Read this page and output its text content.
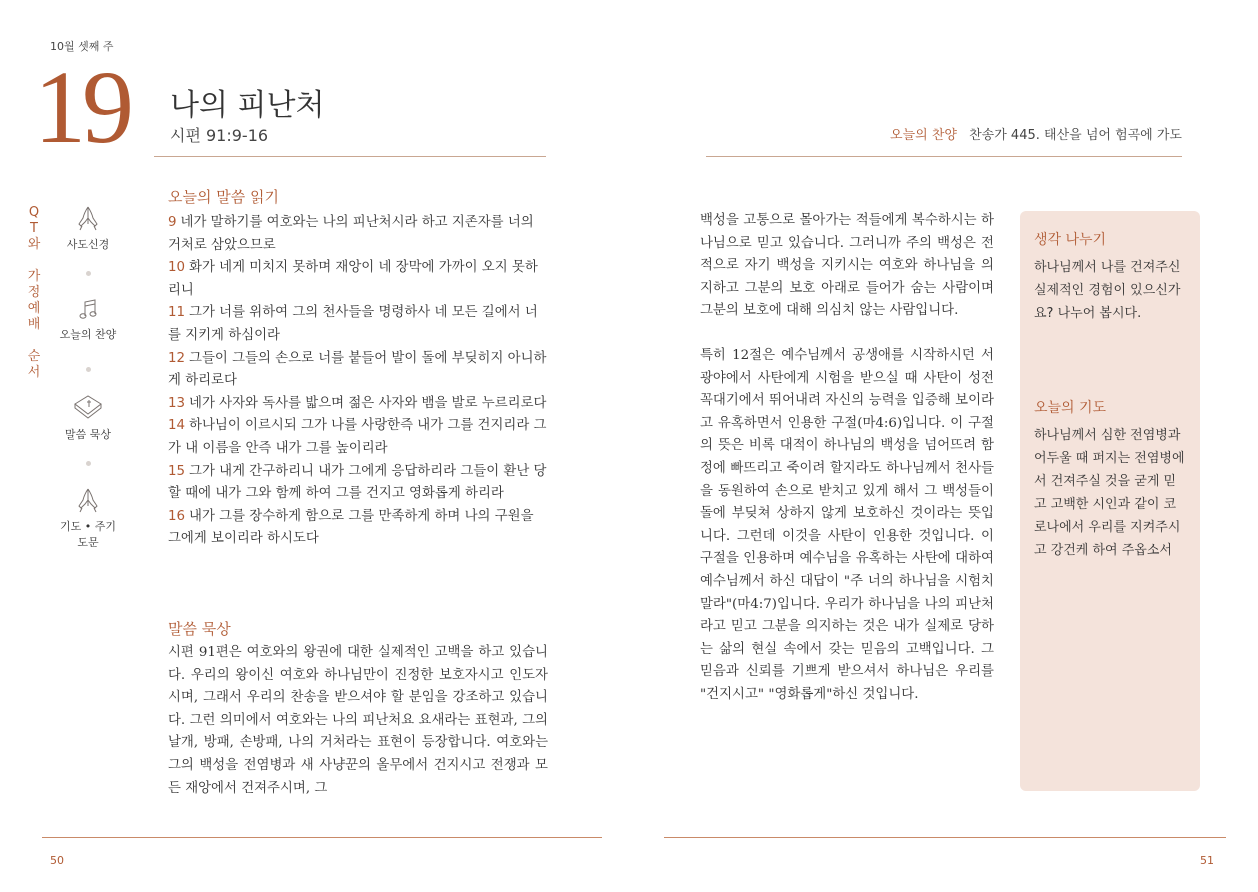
10월 셋째 주
19 나의 피난처
시편 91:9-16	오늘의 찬양 찬송가 445. 태산을 넘어 험곡에 가도
Q
T
와

가
정
예
배

순
서
사도신경
오늘의 찬양
말씀 묵상
기도 • 주기도문
오늘의 말씀 읽기

9 네가 말하기를 여호와는 나의 피난처시라 하고 지존자를 너의 거처로 삼았으므로

10 화가 네게 미치지 못하며 재앙이 네 장막에 가까이 오지 못하리니

11 그가 너를 위하여 그의 천사들을 명령하사 네 모든 길에서 너를 지키게 하심이라

12 그들이 그들의 손으로 너를 붙들어 발이 돌에 부딪히지 아니하게 하리로다

13 네가 사자와 독사를 밟으며 젊은 사자와 뱀을 발로 누르리로다

14 하나님이 이르시되 그가 나를 사랑한즉 내가 그를 건지리라 그가 내 이름을 안즉 내가 그를 높이리라

15 그가 내게 간구하리니 내가 그에게 응답하리라 그들이 환난 당할 때에 내가 그와 함께 하여 그를 건지고 영화롭게 하리라

16 내가 그를 장수하게 함으로 그를 만족하게 하며 나의 구원을 그에게 보이리라 하시도다

말씀 묵상
시편 91편은 여호와의 왕권에 대한 실제적인 고백을 하고 있습니다. 우리의 왕이신 여호와 하나님만이 진정한 보호자시고 인도자시며, 그래서 우리의 찬송을 받으셔야 할 분임을 강조하고 있습니다. 그런 의미에서 여호와는 나의 피난처요 요새라는 표현과, 그의 날개, 방패, 손방패, 나의 거처라는 표현이 등장합니다. 여호와는 그의 백성을 전염병과 새 사냥꾼의 올무에서 건지시고 전쟁과 모든 재앙에서 건져주시며, 그

백성을 고통으로 몰아가는 적들에게 복수하시는 하나님으로 믿고 있습니다. 그러니까 주의 백성은 전적으로 자기 백성을 지키시는 여호와 하나님을 의지하고 그분의 보호 아래로 들어가 숨는 사람이며 그분의 보호에 대해 의심치 않는 사람입니다.

특히 12절은 예수님께서 공생애를 시작하시던 서 광야에서 사탄에게 시험을 받으실 때 사탄이 성전 꼭대기에서 뛰어내려 자신의 능력을 입증해 보이라고 유혹하면서 인용한 구절(마4:6)입니다. 이 구절의 뜻은 비록 대적이 하나님의 백성을 넘어뜨려 함정에 빠뜨리고 죽이려 할지라도 하나님께서 천사들을 동원하여 손으로 받치고 있게 해서 그 백성들이 돌에 부딪쳐 상하지 않게 보호하신 것이라는 뜻입니다. 그런데 이것을 사탄이 인용한 것입니다. 이 구절을 인용하며 예수님을 유혹하는 사탄에 대하여 예수님께서 하신 대답이 "주 너의 하나님을 시험치 말라"(마4:7)입니다. 우리가 하나님을 나의 피난처라고 믿고 그분을 의지하는 것은 내가 실제로 당하는 삶의 현실 속에서 갖는 믿음의 고백입니다. 그 믿음과 신뢰를 기쁘게 받으셔서 하나님은 우리를 "건지시고" "영화롭게"하신 것입니다.

생각 나누기
하나님께서 나를 건져주신 실제적인 경험이 있으신가요? 나누어 봅시다.
오늘의 기도
하나님께서 심한 전염병과 어두울 때 퍼지는 전염병에서 건져주실 것을 굳게 믿고 고백한 시인과 같이 코로나에서 우리를 지켜주시고 강건케 하여 주옵소서
50	51
